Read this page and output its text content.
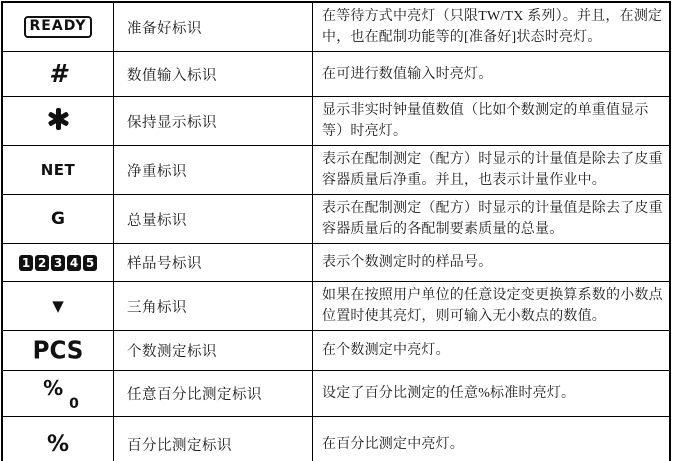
READY	准备好标识	在等待方式中亮灯（只限TW/TX 系列）。并且，在测定中，也在配制功能等的[准备好]状态时亮灯。
#	数值输入标识	在可进行数值输入时亮灯。

	保持显示标识	显示非实时钟量值数值（比如个数测定的单重值显示等）时亮灯。
NET	净重标识	表示在配制测定（配方）时显示的计量值是除去了皮重容器质量后净重。并且，也表示计量作业中。
G	总量标识	表示在配制测定（配方）时显示的计量值是除去了皮重容器质量后的各配制要素质量的总量。
1 2 3 4 5	样品号标识	表示个数测定时的样品号。
▼	三角标识	如果在按照用户单位的任意设定变更换算系数的小数点位置时使其亮灯，则可输入无小数点的数值。
PCS	个数测定标识	在个数测定中亮灯。
%0	任意百分比测定标识	设定了百分比测定的任意%标准时亮灯。
%	百分比测定标识	在百分比测定中亮灯。
